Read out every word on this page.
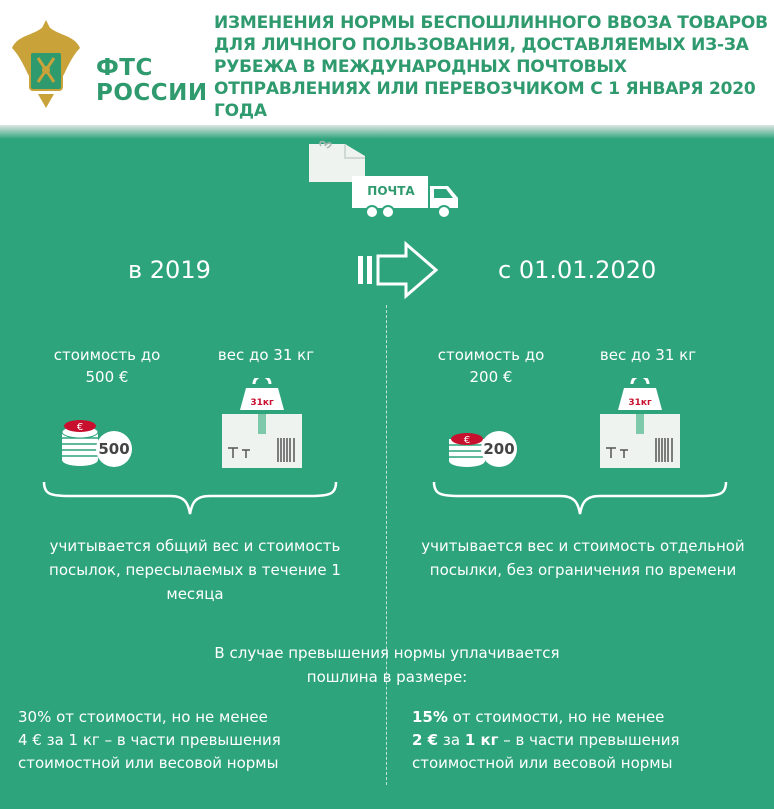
ФТС
РОССИИ
ИЗМЕНЕНИЯ НОРМЫ БЕСПОШЛИННОГО ВВОЗА ТОВАРОВ ДЛЯ ЛИЧНОГО ПОЛЬЗОВАНИЯ, ДОСТАВЛЯЕМЫХ ИЗ-ЗА РУБЕЖА В МЕЖДУНАРОДНЫХ ПОЧТОВЫХ ОТПРАВЛЕНИЯХ ИЛИ ПЕРЕВОЗЧИКОМ С 1 ЯНВАРЯ 2020 ГОДА
ПОЧТА
в 2019	с 01.01.2020
стоимость до 500 €
вес до 31 кг	стоимость до 200 €
вес до 31 кг
€
500	€ 200
31кг	31кг
учитывается общий вес и стоимость посылок, пересылаемых в течение 1 месяца
учитывается вес и стоимость отдельной посылки, без ограничения по времени
В случае превышения нормы уплачивается пошлина в размере:
30% от стоимости, но не менее
4 € за 1 кг – в части превышения
стоимостной или весовой нормы
15% от стоимости, но не менее
2 € за 1 кг – в части превышения
стоимостной или весовой нормы
